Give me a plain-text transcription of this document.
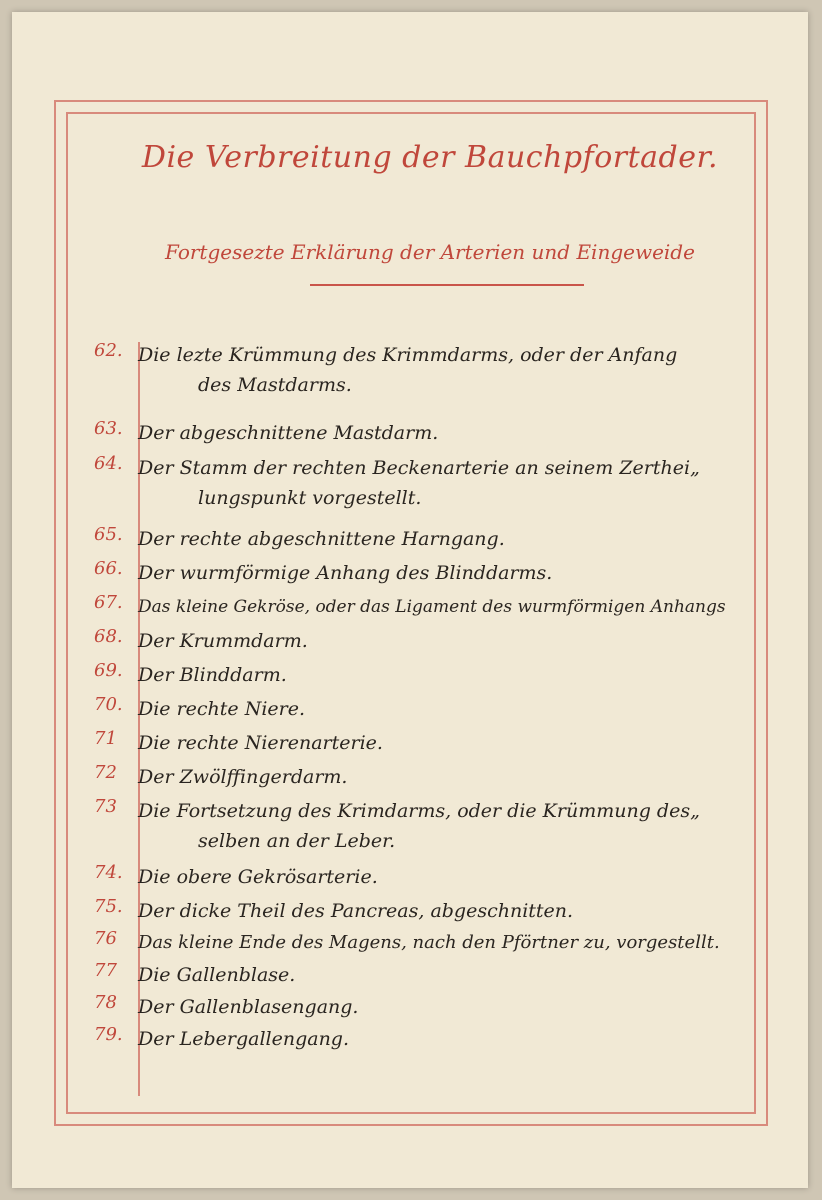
Die Verbreitung der Bauchpfortader.
Fortgesezte Erklärung der Arterien und Eingeweide
62. Die lezte Krümmung des Krimmdarms, oder der Anfang
des Mastdarms.
63. Der abgeschnittene Mastdarm.
64. Der Stamm der rechten Beckenarterie an seinem Zerthei„
lungspunkt vorgestellt.
65. Der rechte abgeschnittene Harngang.
66. Der wurmförmige Anhang des Blinddarms.
67. Das kleine Gekröse, oder das Ligament des wurmförmigen Anhangs
68. Der Krummdarm.
69. Der Blinddarm.
70. Die rechte Niere.
71	Die rechte Nierenarterie.
72	Der Zwölffingerdarm.
73	Die Fortsetzung des Krimdarms, oder die Krümmung des„
selben an der Leber.
74. Die obere Gekrösarterie.
75. Der dicke Theil des Pancreas, abgeschnitten.
76	Das kleine Ende des Magens, nach den Pförtner zu, vorgestellt.
77	Die Gallenblase.
78	Der Gallenblasengang.
79. Der Lebergallengang.
